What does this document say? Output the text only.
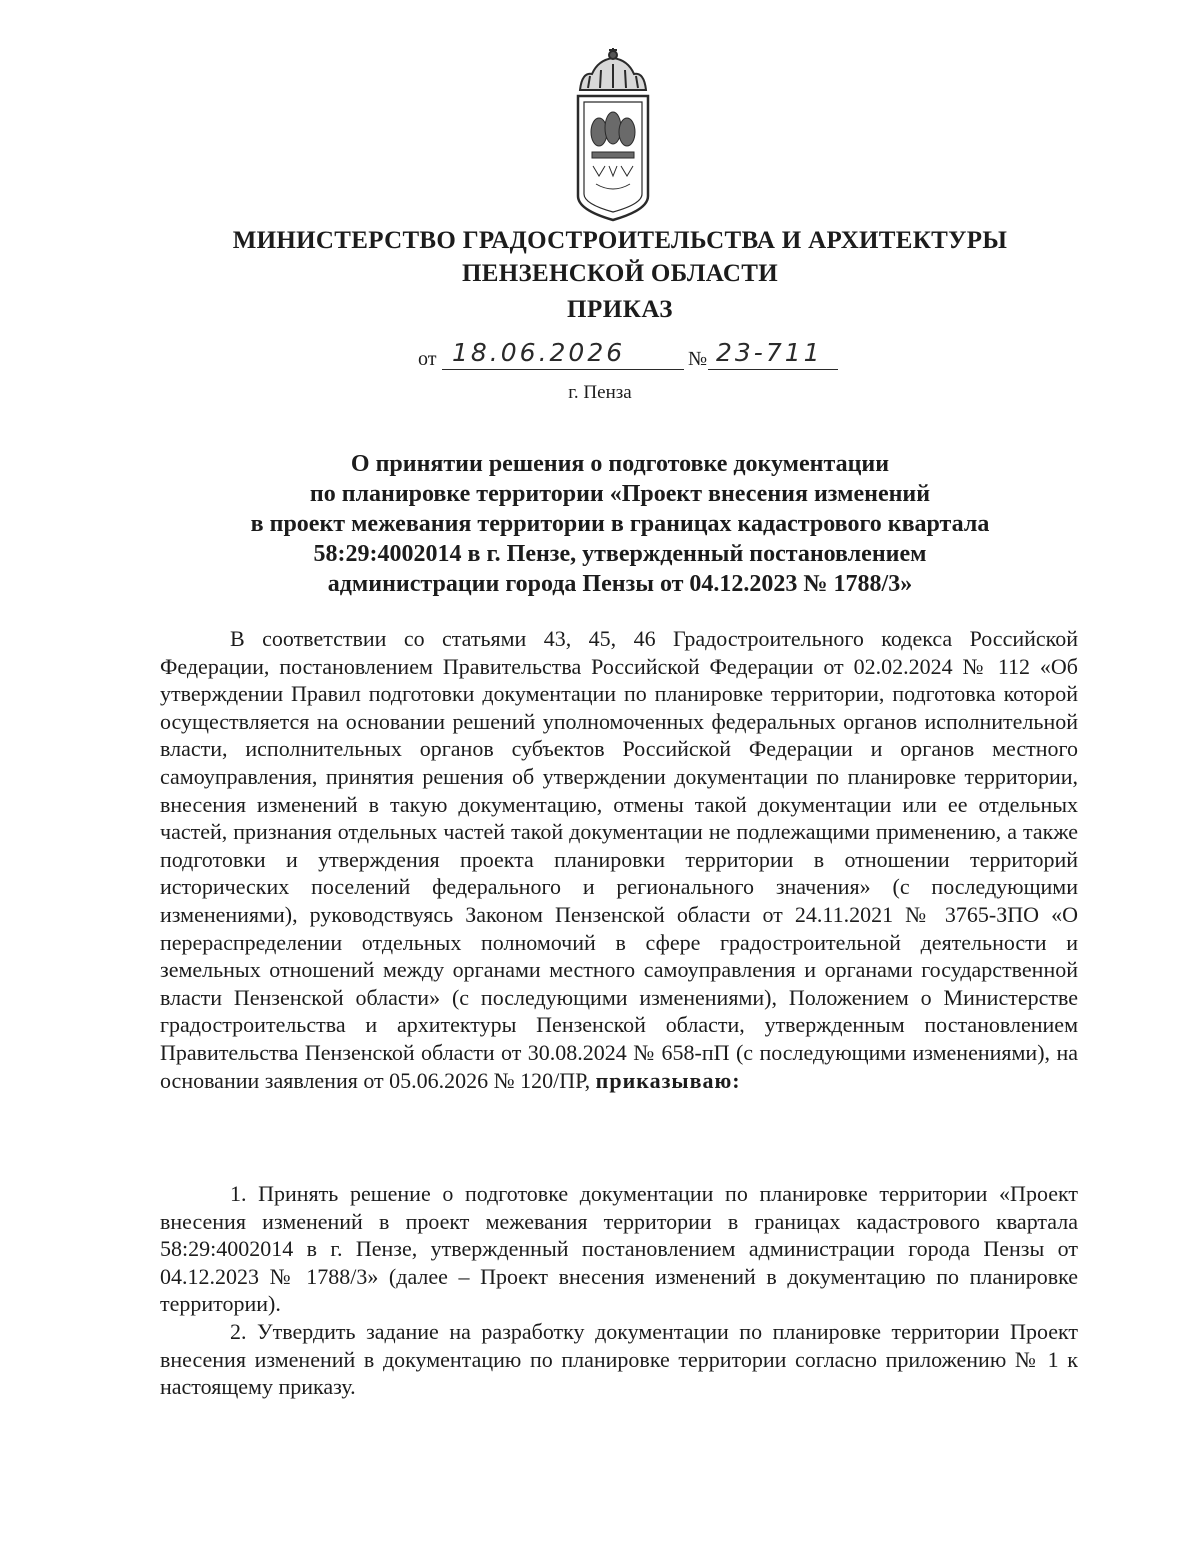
МИНИСТЕРСТВО ГРАДОСТРОИТЕЛЬСТВА И АРХИТЕКТУРЫ
ПЕНЗЕНСКОЙ ОБЛАСТИ
ПРИКАЗ
от 18.06.2026	№ 23-711
г. Пенза
О принятии решения о подготовке документации
по планировке территории «Проект внесения изменений
в проект межевания территории в границах кадастрового квартала
58:29:4002014 в г. Пензе, утвержденный постановлением
администрации города Пензы от 04.12.2023 № 1788/3»

В соответствии со статьями 43, 45, 46 Градостроительного кодекса Российской Федерации, постановлением Правительства Российской Федерации от 02.02.2024 № 112 «Об утверждении Правил подготовки документации по планировке территории, подготовка которой осуществляется на основании решений уполномоченных федеральных органов исполнительной власти, исполнительных органов субъектов Российской Федерации и органов местного самоуправления, принятия решения об утверждении документации по планировке территории, внесения изменений в такую документацию, отмены такой документации или ее отдельных частей, признания отдельных частей такой документации не подлежащими применению, а также подготовки и утверждения проекта планировки территории в отношении территорий исторических поселений федерального и регионального значения» (с последующими изменениями), руководствуясь Законом Пензенской области от 24.11.2021 № 3765-ЗПО «О перераспределении отдельных полномочий в сфере градостроительной деятельности и земельных отношений между органами местного самоуправления и органами государственной власти Пензенской области» (с последующими изменениями), Положением о Министерстве градостроительства и архитектуры Пензенской области, утвержденным постановлением Правительства Пензенской области от 30.08.2024 № 658-пП (с последующими изменениями), на основании заявления от 05.06.2026 № 120/ПР, приказываю:

1. Принять решение о подготовке документации по планировке территории «Проект внесения изменений в проект межевания территории в границах кадастрового квартала 58:29:4002014 в г. Пензе, утвержденный постановлением администрации города Пензы от 04.12.2023 № 1788/3» (далее – Проект внесения изменений в документацию по планировке территории).

2. Утвердить задание на разработку документации по планировке территории Проект внесения изменений в документацию по планировке территории согласно приложению № 1 к настоящему приказу.
